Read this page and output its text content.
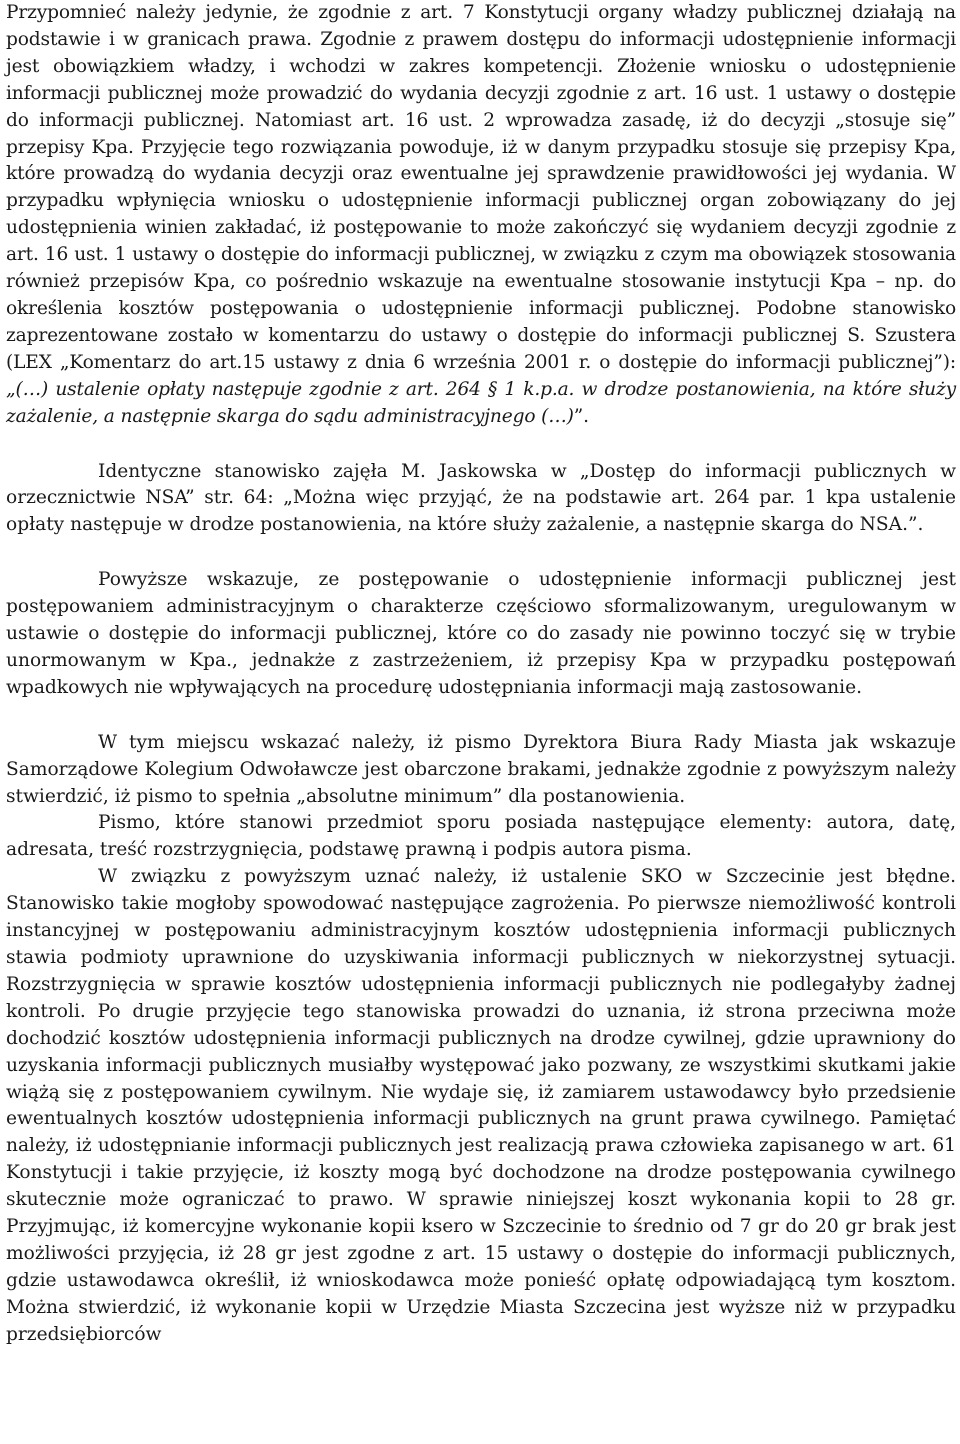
Przypomnieć należy jedynie, że zgodnie z art. 7 Konstytucji organy władzy publicznej działają na podstawie i w granicach prawa. Zgodnie z prawem dostępu do informacji udostępnienie informacji jest obowiązkiem władzy, i wchodzi w zakres kompetencji. Złożenie wniosku o udostępnienie informacji publicznej może prowadzić do wydania decyzji zgodnie z art. 16 ust. 1 ustawy o dostępie do informacji publicznej. Natomiast art. 16 ust. 2 wprowadza zasadę, iż do decyzji „stosuje się” przepisy Kpa. Przyjęcie tego rozwiązania powoduje, iż w danym przypadku stosuje się przepisy Kpa, które prowadzą do wydania decyzji oraz ewentualne jej sprawdzenie prawidłowości jej wydania. W przypadku wpłynięcia wniosku o udostępnienie informacji publicznej organ zobowiązany do jej udostępnienia winien zakładać, iż postępowanie to może zakończyć się wydaniem decyzji zgodnie z art. 16 ust. 1 ustawy o dostępie do informacji publicznej, w związku z czym ma obowiązek stosowania również przepisów Kpa, co pośrednio wskazuje na ewentualne stosowanie instytucji Kpa – np. do określenia kosztów postępowania o udostępnienie informacji publicznej. Podobne stanowisko zaprezentowane zostało w komentarzu do ustawy o dostępie do informacji publicznej S. Szustera (LEX „Komentarz do art.15 ustawy z dnia 6 września 2001 r. o dostępie do informacji publicznej”): „(…) ustalenie opłaty następuje zgodnie z art. 264 § 1 k.p.a. w drodze postanowienia, na które służy zażalenie, a następnie skarga do sądu administracyjnego (…)”.

Identyczne stanowisko zajęła M. Jaskowska w „Dostęp do informacji publicznych w orzecznictwie NSA” str. 64: „Można więc przyjąć, że na podstawie art. 264 par. 1 kpa ustalenie opłaty następuje w drodze postanowienia, na które służy zażalenie, a następnie skarga do NSA.”.

Powyższe wskazuje, ze postępowanie o udostępnienie informacji publicznej jest postępowaniem administracyjnym o charakterze częściowo sformalizowanym, uregulowanym w ustawie o dostępie do informacji publicznej, które co do zasady nie powinno toczyć się w trybie unormowanym w Kpa., jednakże z zastrzeżeniem, iż przepisy Kpa w przypadku postępowań wpadkowych nie wpływających na procedurę udostępniania informacji mają zastosowanie.

W tym miejscu wskazać należy, iż pismo Dyrektora Biura Rady Miasta jak wskazuje Samorządowe Kolegium Odwoławcze jest obarczone brakami, jednakże zgodnie z powyższym należy stwierdzić, iż pismo to spełnia „absolutne minimum” dla postanowienia.

Pismo, które stanowi przedmiot sporu posiada następujące elementy: autora, datę, adresata, treść rozstrzygnięcia, podstawę prawną i podpis autora pisma.

W związku z powyższym uznać należy, iż ustalenie SKO w Szczecinie jest błędne. Stanowisko takie mogłoby spowodować następujące zagrożenia. Po pierwsze niemożliwość kontroli instancyjnej w postępowaniu administracyjnym kosztów udostępnienia informacji publicznych stawia podmioty uprawnione do uzyskiwania informacji publicznych w niekorzystnej sytuacji. Rozstrzygnięcia w sprawie kosztów udostępnienia informacji publicznych nie podlegałyby żadnej kontroli. Po drugie przyjęcie tego stanowiska prowadzi do uznania, iż strona przeciwna może dochodzić kosztów udostępnienia informacji publicznych na drodze cywilnej, gdzie uprawniony do uzyskania informacji publicznych musiałby występować jako pozwany, ze wszystkimi skutkami jakie wiążą się z postępowaniem cywilnym. Nie wydaje się, iż zamiarem ustawodawcy było przedsienie ewentualnych kosztów udostępnienia informacji publicznych na grunt prawa cywilnego. Pamiętać należy, iż udostępnianie informacji publicznych jest realizacją prawa człowieka zapisanego w art. 61 Konstytucji i takie przyjęcie, iż koszty mogą być dochodzone na drodze postępowania cywilnego skutecznie może ograniczać to prawo. W sprawie niniejszej koszt wykonania kopii to 28 gr. Przyjmując, iż komercyjne wykonanie kopii ksero w Szczecinie to średnio od 7 gr do 20 gr brak jest możliwości przyjęcia, iż 28 gr jest zgodne z art. 15 ustawy o dostępie do informacji publicznych, gdzie ustawodawca określił, iż wnioskodawca może ponieść opłatę odpowiadającą tym kosztom. Można stwierdzić, iż wykonanie kopii w Urzędzie Miasta Szczecina jest wyższe niż w przypadku przedsiębiorców
